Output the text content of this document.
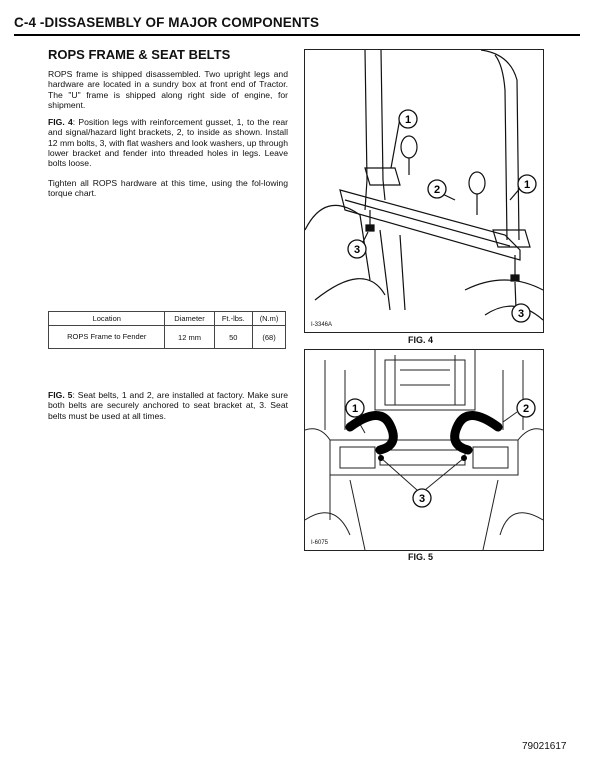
C-4 -DISSASEMBLY OF MAJOR COMPONENTS
ROPS FRAME & SEAT BELTS
ROPS frame is shipped disassembled. Two upright legs and hardware are located in a sundry box at front end of Tractor. The "U" frame is shipped along right side of engine, for shipment.
FIG. 4: Position legs with reinforcement gusset, 1, to the rear and signal/hazard light brackets, 2, to inside as shown. Install 12 mm bolts, 3, with flat washers and look washers, up through lower bracket and fender into threaded holes in legs. Leave bolts loose.
Tighten all ROPS hardware at this time, using the fol-lowing torque chart.
Location	Diameter	Ft.-lbs.	(N.m)
ROPS Frame to Fender	12 mm	50	(68)
FIG. 5: Seat belts, 1 and 2, are installed at factory. Make sure both belts are securely anchored to seat bracket at, 3. Seat belts must be used at all times.
1
2	1
3
3
I-3346A
FIG. 4
1	2
3
I-6075
FIG. 5
79021617
